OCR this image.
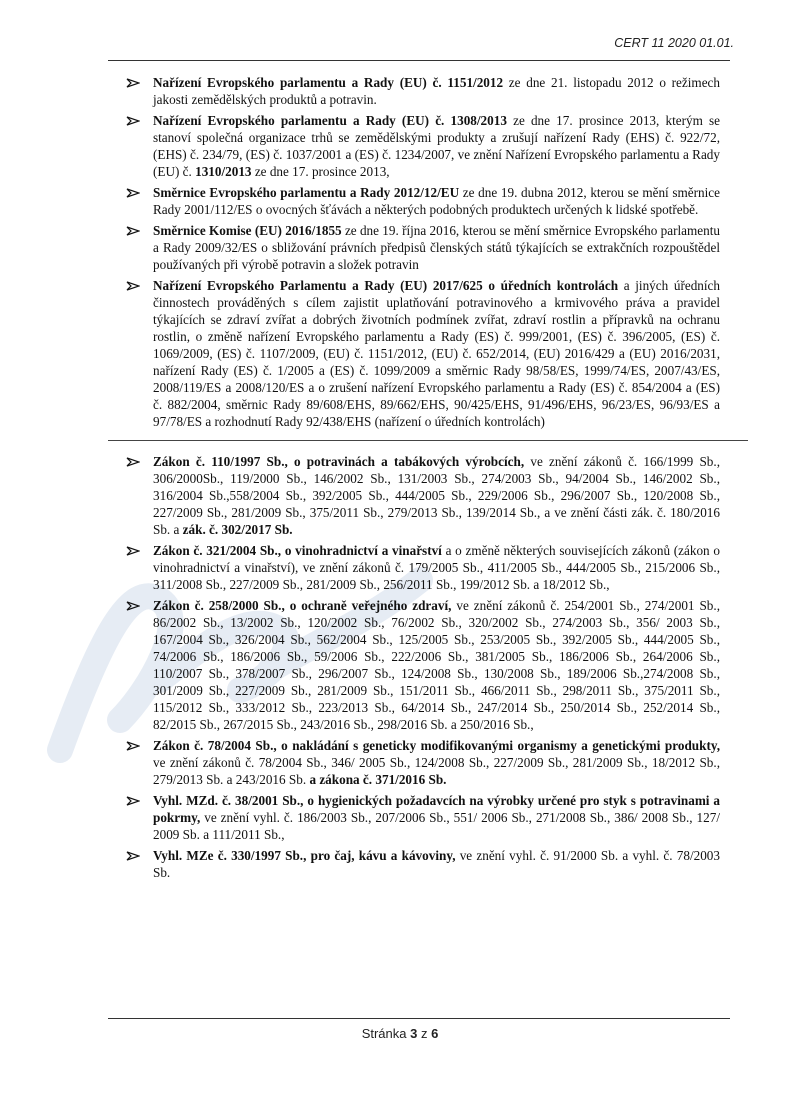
CERT 11 2020 01.01.
Nařízení Evropského parlamentu a Rady (EU) č. 1151/2012 ze dne 21. listopadu 2012 o režimech jakosti zemědělských produktů a potravin.
Nařízení Evropského parlamentu a Rady (EU) č. 1308/2013 ze dne 17. prosince 2013, kterým se stanoví společná organizace trhů se zemědělskými produkty a zrušují nařízení Rady (EHS) č. 922/72, (EHS) č. 234/79, (ES) č. 1037/2001 a (ES) č. 1234/2007, ve znění Nařízení Evropského parlamentu a Rady (EU) č. 1310/2013 ze dne 17. prosince 2013,
Směrnice Evropského parlamentu a Rady 2012/12/EU ze dne 19. dubna 2012, kterou se mění směrnice Rady 2001/112/ES o ovocných šťávách a některých podobných produktech určených k lidské spotřebě.
Směrnice Komise (EU) 2016/1855 ze dne 19. října 2016, kterou se mění směrnice Evropského parlamentu a Rady 2009/32/ES o sbližování právních předpisů členských států týkajících se extrakčních rozpouštědel používaných při výrobě potravin a složek potravin
Nařízení Evropského Parlamentu a Rady (EU) 2017/625 o úředních kontrolách a jiných úředních činnostech prováděných s cílem zajistit uplatňování potravinového a krmivového práva a pravidel týkajících se zdraví zvířat a dobrých životních podmínek zvířat, zdraví rostlin a přípravků na ochranu rostlin, o změně nařízení Evropského parlamentu a Rady (ES) č. 999/2001, (ES) č. 396/2005, (ES) č. 1069/2009, (ES) č. 1107/2009, (EU) č. 1151/2012, (EU) č. 652/2014, (EU) 2016/429 a (EU) 2016/2031, nařízení Rady (ES) č. 1/2005 a (ES) č. 1099/2009 a směrnic Rady 98/58/ES, 1999/74/ES, 2007/43/ES, 2008/119/ES a 2008/120/ES a o zrušení nařízení Evropského parlamentu a Rady (ES) č. 854/2004 a (ES) č. 882/2004, směrnic Rady 89/608/EHS, 89/662/EHS, 90/425/EHS, 91/496/EHS, 96/23/ES, 96/93/ES a 97/78/ES a rozhodnutí Rady 92/438/EHS (nařízení o úředních kontrolách)
Zákon č. 110/1997 Sb., o potravinách a tabákových výrobcích, ve znění zákonů č. 166/1999 Sb., 306/2000Sb., 119/2000 Sb., 146/2002 Sb., 131/2003 Sb., 274/2003 Sb., 94/2004 Sb., 146/2002 Sb., 316/2004 Sb.,558/2004 Sb., 392/2005 Sb., 444/2005 Sb., 229/2006 Sb., 296/2007 Sb., 120/2008 Sb., 227/2009 Sb., 281/2009 Sb., 375/2011 Sb., 279/2013 Sb., 139/2014 Sb., a ve znění části zák. č. 180/2016 Sb. a zák. č. 302/2017 Sb.
Zákon č. 321/2004 Sb., o vinohradnictví a vinařství a o změně některých souvisejících zákonů (zákon o vinohradnictví a vinařství), ve znění zákonů č. 179/2005 Sb., 411/2005 Sb., 444/2005 Sb., 215/2006 Sb., 311/2008 Sb., 227/2009 Sb., 281/2009 Sb., 256/2011 Sb., 199/2012 Sb. a 18/2012 Sb.,
Zákon č. 258/2000 Sb., o ochraně veřejného zdraví, ve znění zákonů č. 254/2001 Sb., 274/2001 Sb., 86/2002 Sb., 13/2002 Sb., 120/2002 Sb., 76/2002 Sb., 320/2002 Sb., 274/2003 Sb., 356/ 2003 Sb., 167/2004 Sb., 326/2004 Sb., 562/2004 Sb., 125/2005 Sb., 253/2005 Sb., 392/2005 Sb., 444/2005 Sb., 74/2006 Sb., 186/2006 Sb., 59/2006 Sb., 222/2006 Sb., 381/2005 Sb., 186/2006 Sb., 264/2006 Sb., 110/2007 Sb., 378/2007 Sb., 296/2007 Sb., 124/2008 Sb., 130/2008 Sb., 189/2006 Sb.,274/2008 Sb., 301/2009 Sb., 227/2009 Sb., 281/2009 Sb., 151/2011 Sb., 466/2011 Sb., 298/2011 Sb., 375/2011 Sb., 115/2012 Sb., 333/2012 Sb., 223/2013 Sb., 64/2014 Sb., 247/2014 Sb., 250/2014 Sb., 252/2014 Sb., 82/2015 Sb., 267/2015 Sb., 243/2016 Sb., 298/2016 Sb. a 250/2016 Sb.,
Zákon č. 78/2004 Sb., o nakládání s geneticky modifikovanými organismy a genetickými produkty, ve znění zákonů č. 78/2004 Sb., 346/ 2005 Sb., 124/2008 Sb., 227/2009 Sb., 281/2009 Sb., 18/2012 Sb., 279/2013 Sb. a 243/2016 Sb. a zákona č. 371/2016 Sb.
Vyhl. MZd. č. 38/2001 Sb., o hygienických požadavcích na výrobky určené pro styk s potravinami a pokrmy, ve znění vyhl. č. 186/2003 Sb., 207/2006 Sb., 551/ 2006 Sb., 271/2008 Sb., 386/ 2008 Sb., 127/ 2009 Sb. a 111/2011 Sb.,
Vyhl. MZe č. 330/1997 Sb., pro čaj, kávu a kávoviny, ve znění vyhl. č. 91/2000 Sb. a vyhl. č. 78/2003 Sb.
Stránka 3 z 6
